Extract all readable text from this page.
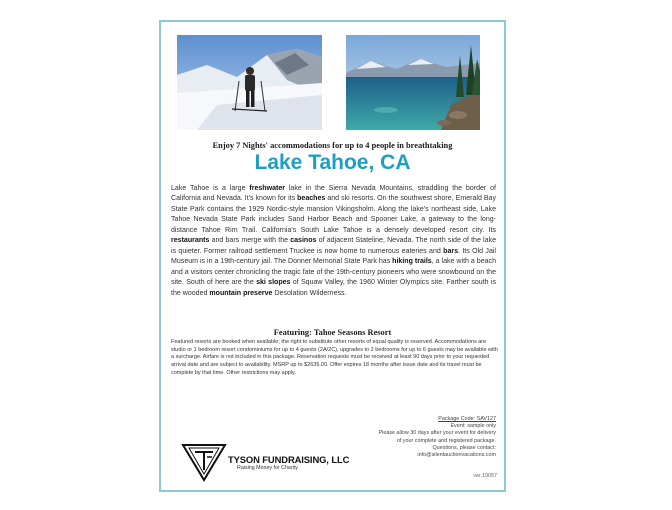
Enjoy 7 Nights' accommodations for up to 4 people in breathtaking
Lake Tahoe, CA
Lake Tahoe is a large freshwater lake in the Sierra Nevada Mountains, straddling the border of California and Nevada. It's known for its beaches and ski resorts. On the southwest shore, Emerald Bay State Park contains the 1929 Nordic-style mansion Vikingsholm. Along the lake's northeast side, Lake Tahoe Nevada State Park includes Sand Harbor Beach and Spooner Lake, a gateway to the long-distance Tahoe Rim Trail. California's South Lake Tahoe is a densely developed resort city. Its restaurants and bars merge with the casinos of adjacent Stateline, Nevada. The north side of the lake is quieter. Former railroad settlement Truckee is now home to numerous eateries and bars. Its Old Jail Museum is in a 19th-century jail. The Donner Memorial State Park has hiking trails, a lake with a beach and a visitors center chronicling the tragic fate of the 19th-century pioneers who were snowbound on the site. South of here are the ski slopes of Squaw Valley, the 1960 Winter Olympics site. Farther south is the wooded mountain preserve Desolation Wilderness.
Featuring: Tahoe Seasons Resort
Featured resorts are booked when available; the right to substitute other resorts of equal quality is reserved. Accommodations are studio or 1 bedroom resort condominiums for up to 4 guests (2A/2C), upgrades to 2 bedrooms for up to 6 guests may be available with a surcharge. Airfare is not included in this package. Reservation requests must be received at least 90 days prior to your requested arrival date and are subject to availability. MSRP up to $2635.00. Offer expires 18 months after issue date and its travel must be complete by that time. Other restrictions may apply.
Package Code: SAV127
Event: sample only
Please allow 30 days after your event for delivery
of your complete and registered package.
Questions, please contact:
info@silentauctionvacations.com
TYSON FUNDRAISING, LLC
Raising Money for Charity
ver.10057
